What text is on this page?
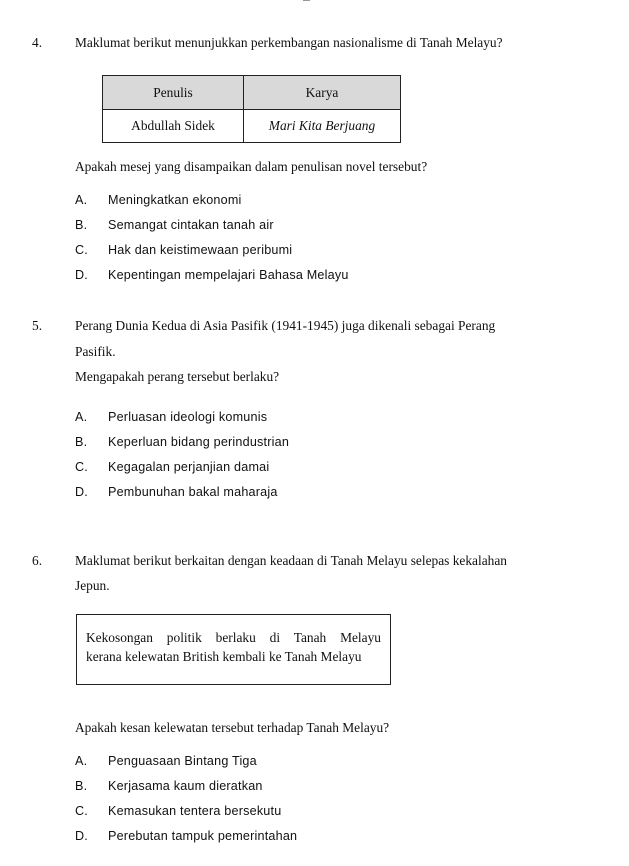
4. Maklumat berikut menunjukkan perkembangan nasionalisme di Tanah Melayu?
Penulis	Karya
Abdullah Sidek	Mari Kita Berjuang
Apakah mesej yang disampaikan dalam penulisan novel tersebut?
A. Meningkatkan ekonomi
B. Semangat cintakan tanah air
C. Hak dan keistimewaan peribumi
D. Kepentingan mempelajari Bahasa Melayu
5. Perang Dunia Kedua di Asia Pasifik (1941-1945) juga dikenali sebagai Perang
Pasifik.
Mengapakah perang tersebut berlaku?
A. Perluasan ideologi komunis
B. Keperluan bidang perindustrian
C. Kegagalan perjanjian damai
D. Pembunuhan bakal maharaja
6. Maklumat berikut berkaitan dengan keadaan di Tanah Melayu selepas kekalahan
Jepun.
Kekosongan politik berlaku di Tanah Melayu
kerana kelewatan British kembali ke Tanah Melayu
Apakah kesan kelewatan tersebut terhadap Tanah Melayu?
A. Penguasaan Bintang Tiga
B. Kerjasama kaum dieratkan
C. Kemasukan tentera bersekutu
D. Perebutan tampuk pemerintahan
